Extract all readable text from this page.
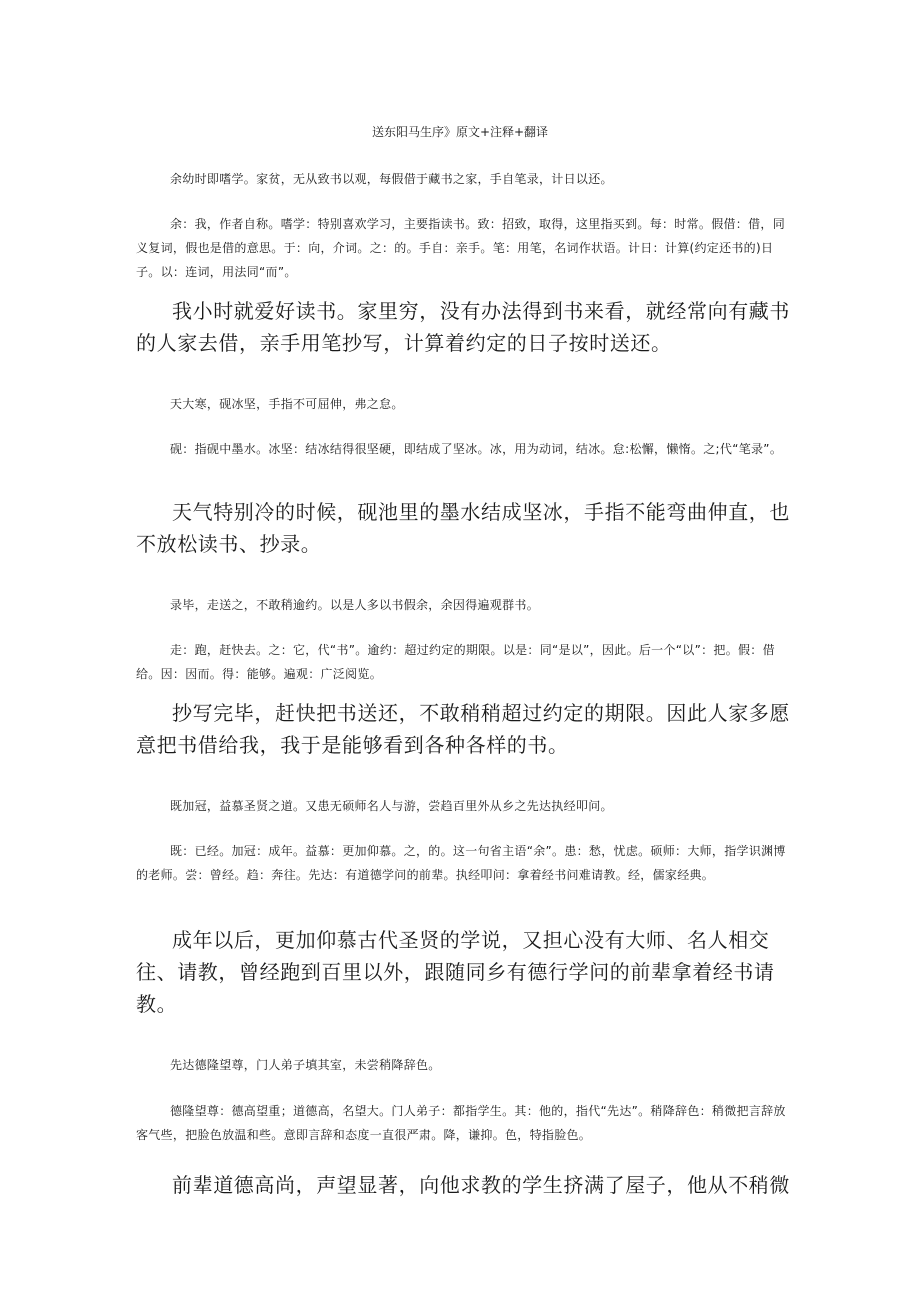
送东阳马生序》原文+注释+翻译

余幼时即嗜学。家贫，无从致书以观，每假借于藏书之家，手自笔录，计日以还。

余：我，作者自称。嗜学：特别喜欢学习，主要指读书。致：招致，取得，这里指买到。每：时常。假借：借，同义复词，假也是借的意思。于：向，介词。之：的。手自：亲手。笔：用笔，名词作状语。计日：计算(约定还书的)日子。以：连词，用法同“而”。

我小时就爱好读书。家里穷，没有办法得到书来看，就经常向有藏书的人家去借，亲手用笔抄写，计算着约定的日子按时送还。

天大寒，砚冰坚，手指不可屈伸，弗之怠。

砚：指砚中墨水。冰坚：结冰结得很坚硬，即结成了坚冰。冰，用为动词，结冰。怠:松懈，懒惰。之;代“笔录”。

天气特别冷的时候，砚池里的墨水结成坚冰，手指不能弯曲伸直，也不放松读书、抄录。

录毕，走送之，不敢稍逾约。以是人多以书假余，余因得遍观群书。

走：跑，赶快去。之：它，代“书”。逾约：超过约定的期限。以是：同“是以”，因此。后一个“以”：把。假：借给。因：因而。得：能够。遍观：广泛阅览。

抄写完毕，赶快把书送还，不敢稍稍超过约定的期限。因此人家多愿意把书借给我，我于是能够看到各种各样的书。

既加冠，益慕圣贤之道。又患无硕师名人与游，尝趋百里外从乡之先达执经叩问。

既：已经。加冠：成年。益慕：更加仰慕。之，的。这一句省主语“余”。患：愁，忧虑。硕师：大师，指学识渊博的老师。尝：曾经。趋：奔往。先达：有道德学问的前辈。执经叩问：拿着经书问难请教。经，儒家经典。

成年以后，更加仰慕古代圣贤的学说，又担心没有大师、名人相交往、请教，曾经跑到百里以外，跟随同乡有德行学问的前辈拿着经书请教。

先达德隆望尊，门人弟子填其室，未尝稍降辞色。

德隆望尊：德高望重；道德高，名望大。门人弟子：都指学生。其：他的，指代“先达”。稍降辞色：稍微把言辞放客气些，把脸色放温和些。意即言辞和态度一直很严肃。降，谦抑。色，特指脸色。

前辈道德高尚，声望显著，向他求教的学生挤满了屋子，他从不稍微
